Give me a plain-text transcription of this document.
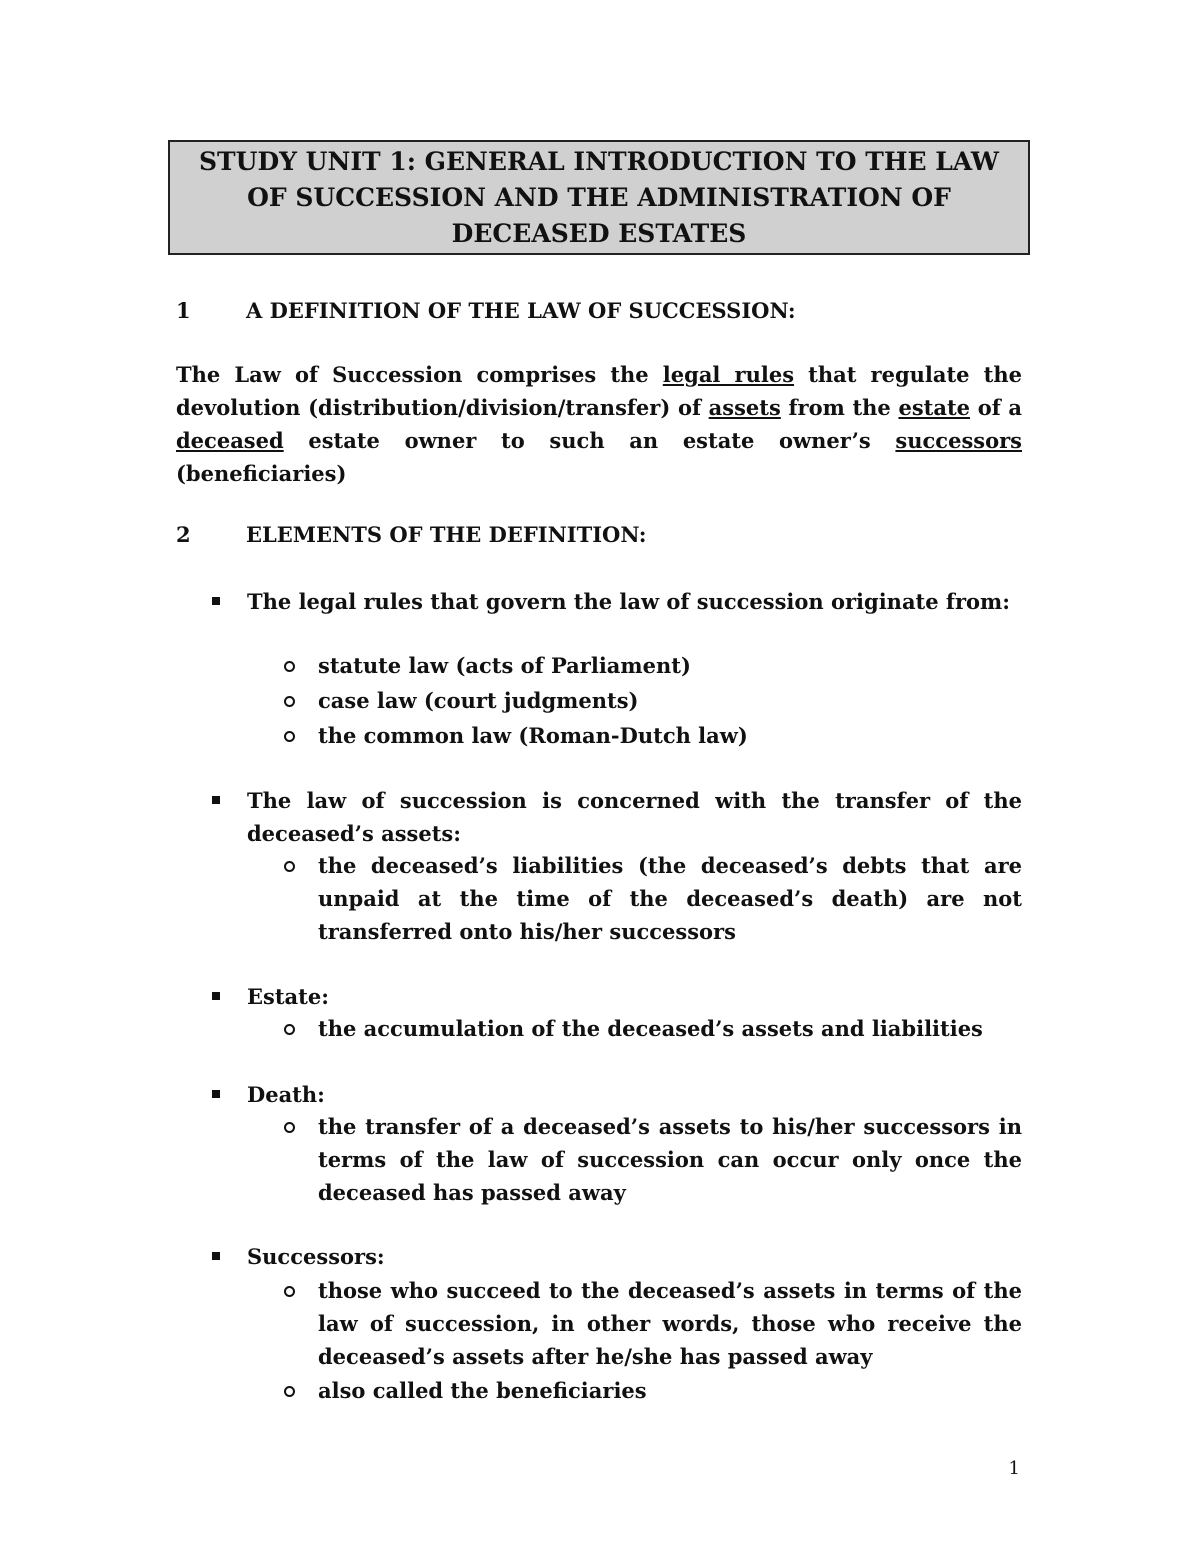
STUDY UNIT 1: GENERAL INTRODUCTION TO THE LAW OF SUCCESSION AND THE ADMINISTRATION OF DECEASED ESTATES
1	A DEFINITION OF THE LAW OF SUCCESSION:
The Law of Succession comprises the legal rules that regulate the devolution (distribution/division/transfer) of assets from the estate of a deceased estate owner to such an estate owner’s successors (beneficiaries)
2	ELEMENTS OF THE DEFINITION:
The legal rules that govern the law of succession originate from:
statute law (acts of Parliament)
case law (court judgments)
the common law (Roman-Dutch law)
The law of succession is concerned with the transfer of the deceased’s assets:
the deceased’s liabilities (the deceased’s debts that are unpaid at the time of the deceased’s death) are not transferred onto his/her successors
Estate:
the accumulation of the deceased’s assets and liabilities
Death:
the transfer of a deceased’s assets to his/her successors in terms of the law of succession can occur only once the deceased has passed away
Successors:
those who succeed to the deceased’s assets in terms of the law of succession, in other words, those who receive the deceased’s assets after he/she has passed away
also called the beneficiaries
1
